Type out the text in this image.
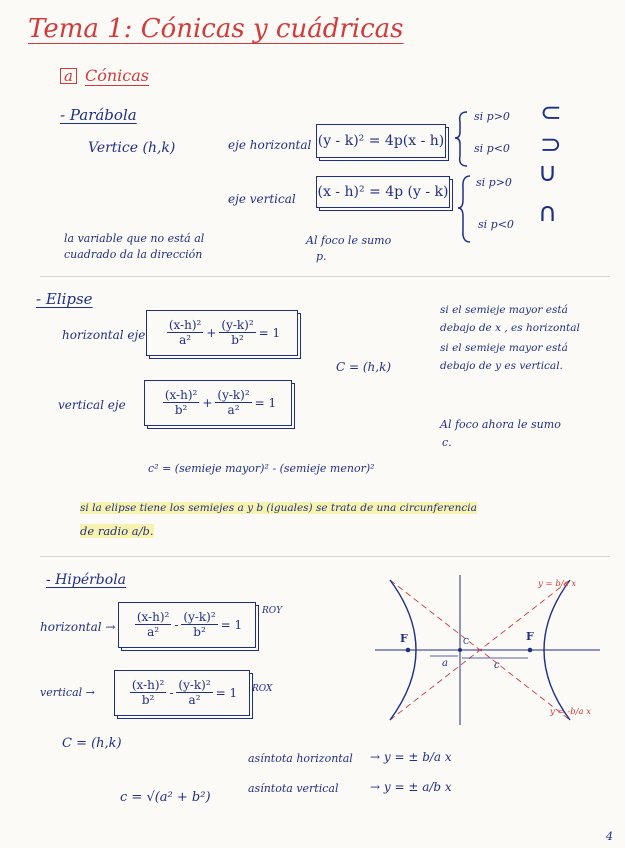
Tema 1: Cónicas y cuádricas
a Cónicas
- Parábola
Vertice (h,k)	eje horizontal (y - k)² = 4p(x - h)
eje vertical (x - h)² = 4p (y - k)
si p>0
si p<0
⊂
⊃
si p>0
si p<0
∪
∩
la variable que no está al
cuadrado da la dirección
Al foco le sumo
p.
- Elipse
horizontal eje $\frac{\text{(x-h)²}}{\text{a²}} + \frac{\text{(y-k)²}}{\text{b²}} = 1$
C = (h,k)
vertical eje	$\frac{\text{(x-h)²}}{\text{b²}} + \frac{\text{(y-k)²}}{\text{a²}} = 1$
si el semieje mayor está
debajo de x , es horizontal
si el semieje mayor está
debajo de y es vertical.
Al foco ahora le sumo
c.
c² = (semieje mayor)² - (semieje menor)²
si la elipse tiene los semiejes a y b (iguales) se trata de una circunferencia
de radio a/b.
- Hipérbola
horizontal → $\frac{\text{(x-h)²}}{\text{a²}} - \frac{\text{(y-k)²}}{\text{b²}} = 1$
ROY
vertical →	$\frac{\text{(x-h)²}}{\text{b²}} - \frac{\text{(y-k)²}}{\text{a²}} = 1$ ROX
C = (h,k)
c = √(a² + b²)
asíntota horizontal → y = ± b/a x
asíntota vertical	→ y = ± a/b x
F	F
C
a	c
y = b/a x
y = -b/a x
4
